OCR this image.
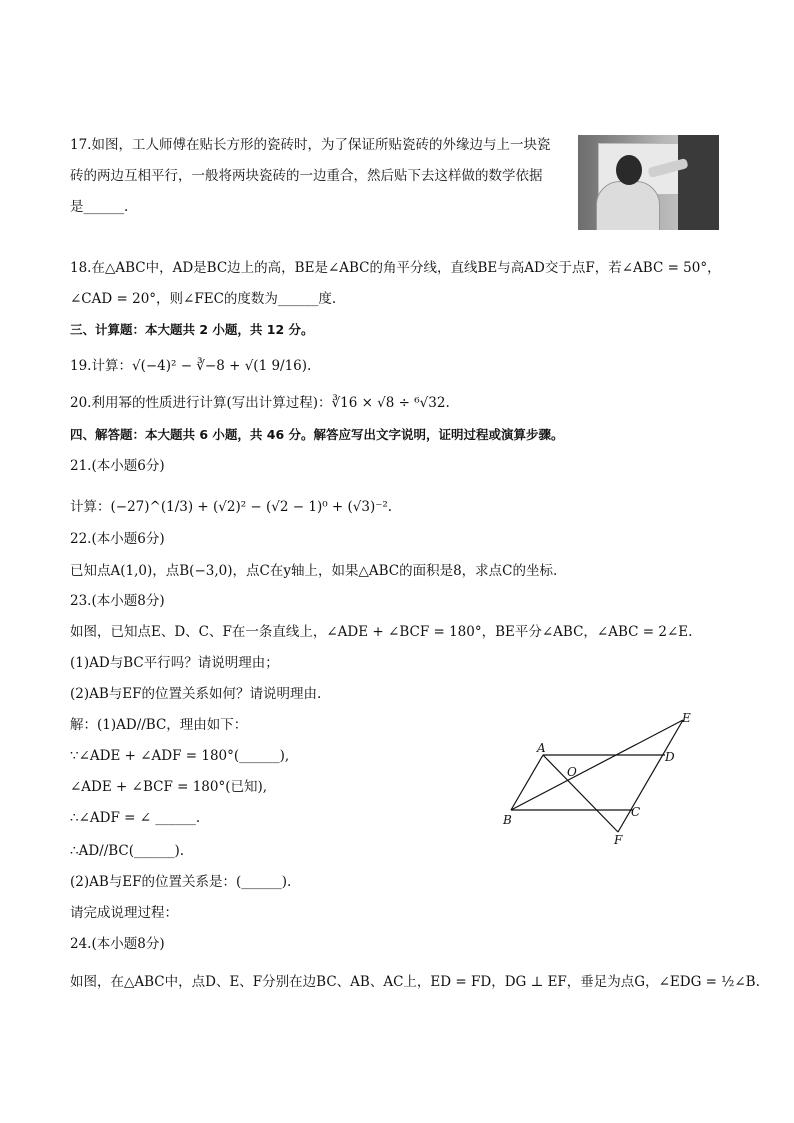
17.如图，工人师傅在贴长方形的瓷砖时，为了保证所贴瓷砖的外缘边与上一块瓷
砖的两边互相平行，一般将两块瓷砖的一边重合，然后贴下去这样做的数学依据
是______.
18.在△ABC中，AD是BC边上的高，BE是∠ABC的角平分线，直线BE与高AD交于点F，若∠ABC = 50°，
∠CAD = 20°，则∠FEC的度数为______度.
三、计算题：本大题共 2 小题，共 12 分。
19.计算：√(−4)² − ∛−8 + √(1 9/16).
20.利用幂的性质进行计算(写出计算过程)：∛16 × √8 ÷ ⁶√32.
四、解答题：本大题共 6 小题，共 46 分。解答应写出文字说明，证明过程或演算步骤。
21.(本小题6分)
计算：(−27)^(1/3) + (√2)² − (√2 − 1)⁰ + (√3)⁻².
22.(本小题6分)
已知点A(1,0)，点B(−3,0)，点C在y轴上，如果△ABC的面积是8，求点C的坐标.
23.(本小题8分)
如图，已知点E、D、C、F在一条直线上，∠ADE + ∠BCF = 180°，BE平分∠ABC，∠ABC = 2∠E.
(1)AD与BC平行吗？请说明理由；
(2)AB与EF的位置关系如何？请说明理由.
解：(1)AD//BC，理由如下：
∵∠ADE + ∠ADF = 180°(______),
∠ADE + ∠BCF = 180°(已知),
∴∠ADF = ∠ ______.
∴AD//BC(______).
(2)AB与EF的位置关系是：(______).
请完成说理过程：
A
B
C
D
E
F
O
24.(本小题8分)
如图，在△ABC中，点D、E、F分别在边BC、AB、AC上，ED = FD，DG ⊥ EF，垂足为点G，∠EDG = ½∠B.
